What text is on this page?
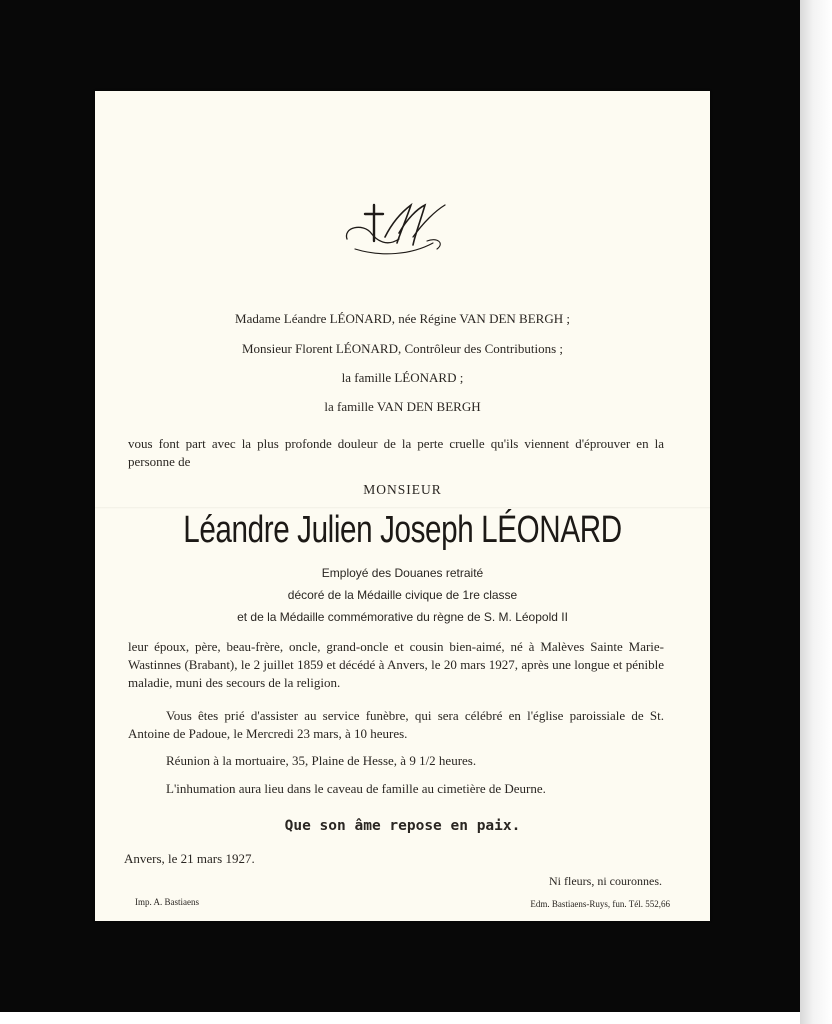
Madame Léandre LÉONARD, née Régine VAN DEN BERGH ;
Monsieur Florent LÉONARD, Contrôleur des Contributions ;
la famille LÉONARD ;
la famille VAN DEN BERGH
vous font part avec la plus profonde douleur de la perte cruelle qu'ils viennent d'éprouver en la personne de
MONSIEUR
Léandre Julien Joseph LÉONARD
Employé des Douanes retraité
décoré de la Médaille civique de 1re classe
et de la Médaille commémorative du règne de S. M. Léopold II
leur époux, père, beau-frère, oncle, grand-oncle et cousin bien-aimé, né à Malèves Sainte Marie-Wastinnes (Brabant), le 2 juillet 1859 et décédé à Anvers, le 20 mars 1927, après une longue et pénible maladie, muni des secours de la religion.
Vous êtes prié d'assister au service funèbre, qui sera célébré en l'église paroissiale de St. Antoine de Padoue, le Mercredi 23 mars, à 10 heures.
Réunion à la mortuaire, 35, Plaine de Hesse, à 9 1/2 heures.
L'inhumation aura lieu dans le caveau de famille au cimetière de Deurne.
Que son âme repose en paix.
Anvers, le 21 mars 1927.
Ni fleurs, ni couronnes.
Imp. A. Bastiaens	Edm. Bastiaens-Ruys, fun. Tél. 552,66
